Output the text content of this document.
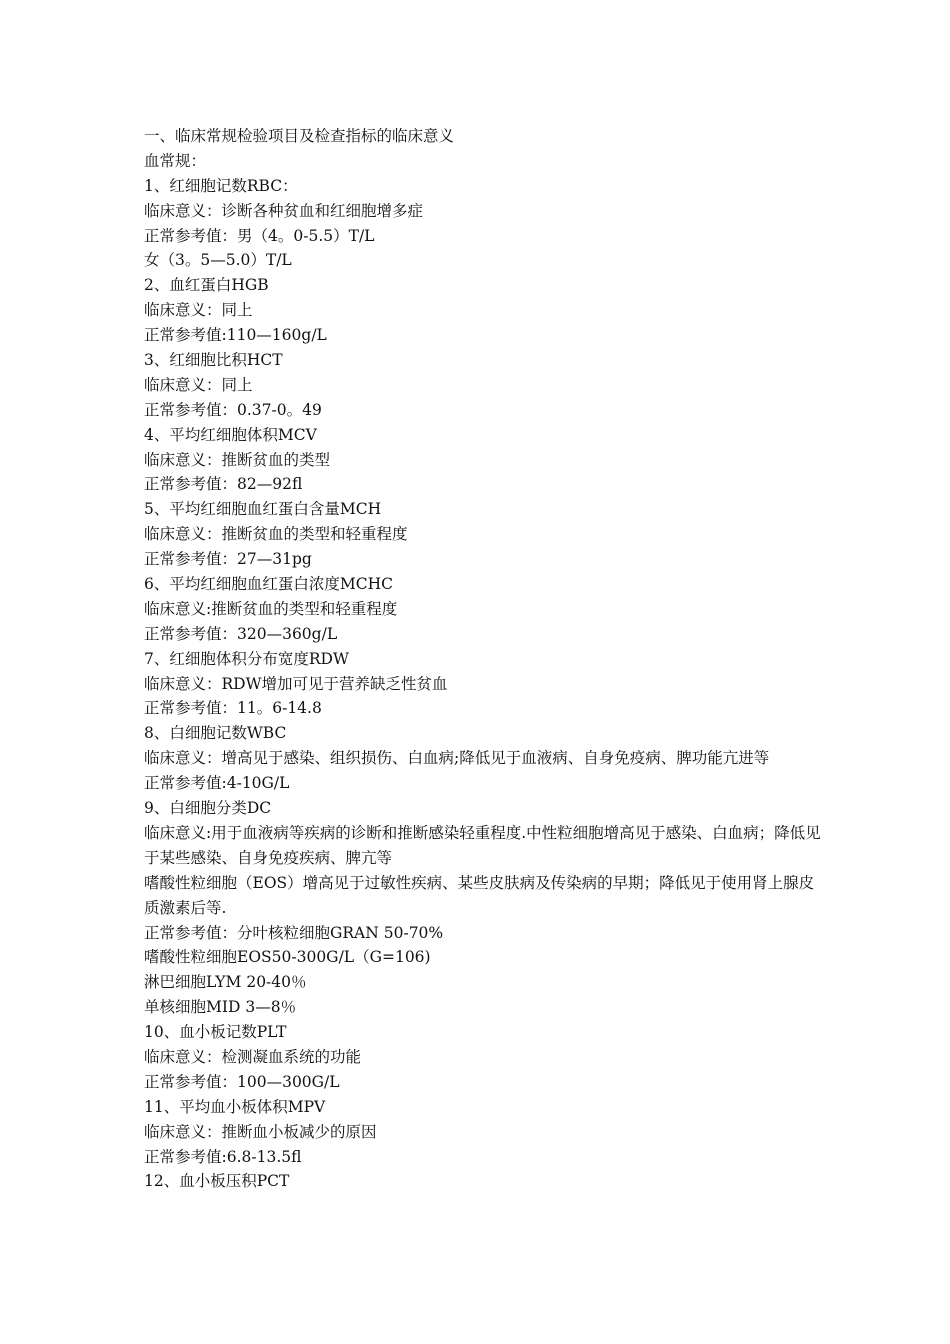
一、临床常规检验项目及检查指标的临床意义
血常规：
1、红细胞记数RBC：
临床意义：诊断各种贫血和红细胞增多症
正常参考值：男（4。0-5.5）T/L
女（3。5—5.0）T/L
2、血红蛋白HGB
临床意义：同上
正常参考值:110—160g/L
3、红细胞比积HCT
临床意义：同上
正常参考值：0.37-0。49
4、平均红细胞体积MCV
临床意义：推断贫血的类型
正常参考值：82—92fl
5、平均红细胞血红蛋白含量MCH
临床意义：推断贫血的类型和轻重程度
正常参考值：27—31pg
6、平均红细胞血红蛋白浓度MCHC
临床意义:推断贫血的类型和轻重程度
正常参考值：320—360g/L
7、红细胞体积分布宽度RDW
临床意义：RDW增加可见于营养缺乏性贫血
正常参考值：11。6-14.8
8、白细胞记数WBC
临床意义：增高见于感染、组织损伤、白血病;降低见于血液病、自身免疫病、脾功能亢进等
正常参考值:4-10G/L
9、白细胞分类DC
临床意义:用于血液病等疾病的诊断和推断感染轻重程度.中性粒细胞增高见于感染、白血病；降低见于某些感染、自身免疫疾病、脾亢等
嗜酸性粒细胞（EOS）增高见于过敏性疾病、某些皮肤病及传染病的早期；降低见于使用肾上腺皮质激素后等.
正常参考值：分叶核粒细胞GRAN 50-70%
嗜酸性粒细胞EOS50-300G/L（G=106)
淋巴细胞LYM 20-40％
单核细胞MID 3—8％
10、血小板记数PLT
临床意义：检测凝血系统的功能
正常参考值：100—300G/L
11、平均血小板体积MPV
临床意义：推断血小板减少的原因
正常参考值:6.8-13.5fl
12、血小板压积PCT
